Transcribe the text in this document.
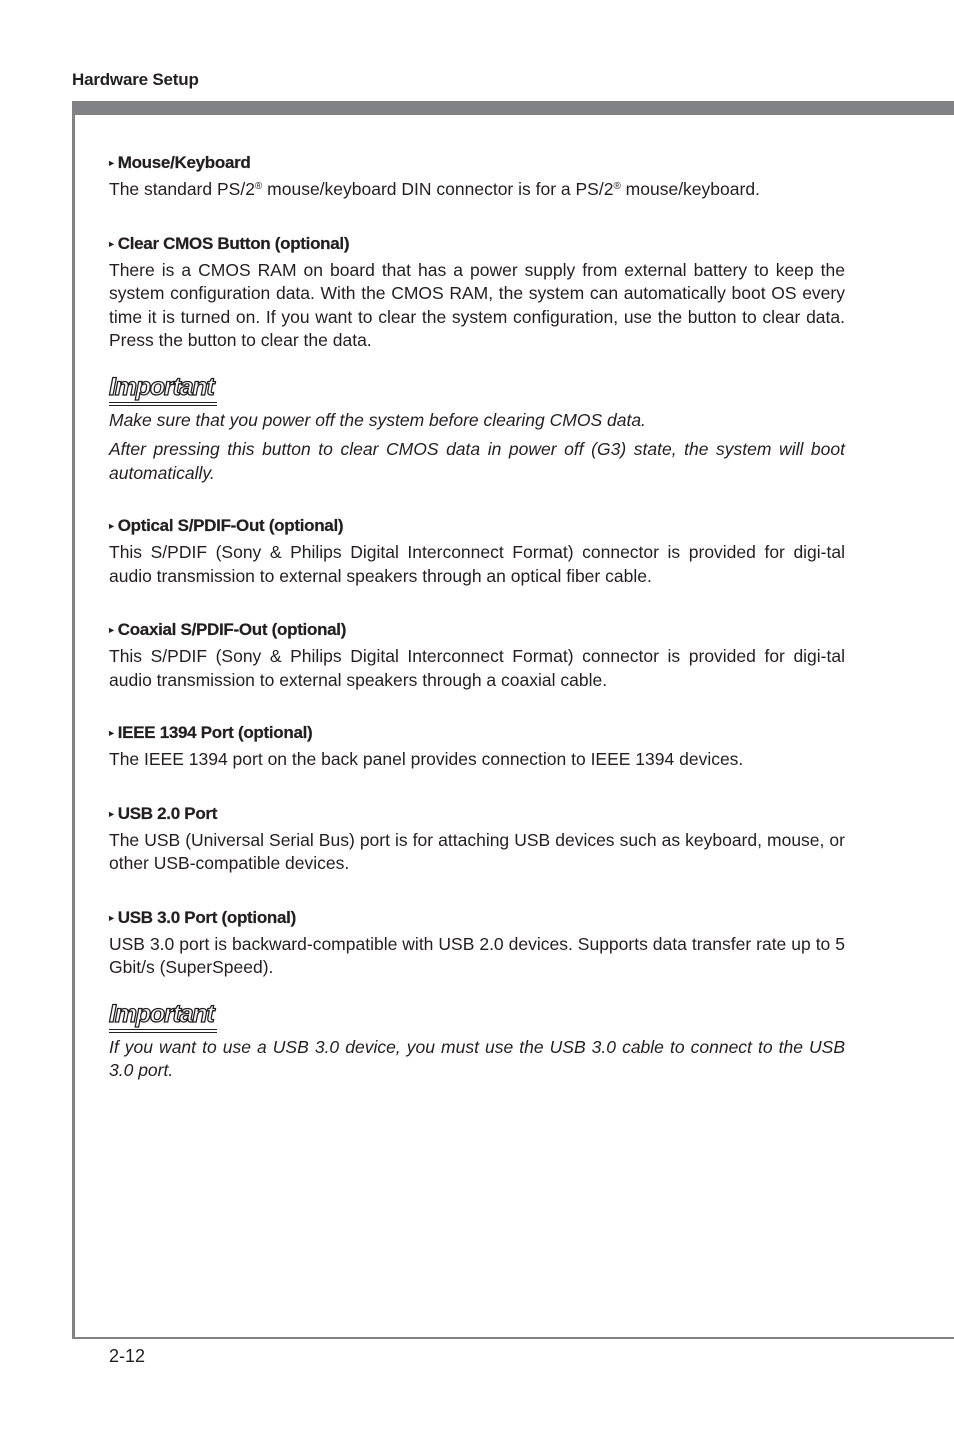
Hardware Setup
▸ Mouse/Keyboard

The standard PS/2® mouse/keyboard DIN connector is for a PS/2® mouse/keyboard.

▸ Clear CMOS Button (optional)

There is a CMOS RAM on board that has a power supply from external battery to keep the system configuration data. With the CMOS RAM, the system can automatically boot OS every time it is turned on. If you want to clear the system configuration, use the button to clear data. Press the button to clear the data.

Important

Make sure that you power off the system before clearing CMOS data.

After pressing this button to clear CMOS data in power off (G3) state, the system will boot automatically.

▸ Optical S/PDIF-Out (optional)

This S/PDIF (Sony & Philips Digital Interconnect Format) connector is provided for digi-tal audio transmission to external speakers through an optical fiber cable.

▸ Coaxial S/PDIF-Out (optional)

This S/PDIF (Sony & Philips Digital Interconnect Format) connector is provided for digi-tal audio transmission to external speakers through a coaxial cable.

▸ IEEE 1394 Port (optional)

The IEEE 1394 port on the back panel provides connection to IEEE 1394 devices.

▸ USB 2.0 Port

The USB (Universal Serial Bus) port is for attaching USB devices such as keyboard, mouse, or other USB-compatible devices.

▸ USB 3.0 Port (optional)

USB 3.0 port is backward-compatible with USB 2.0 devices. Supports data transfer rate up to 5 Gbit/s (SuperSpeed).

Important

If you want to use a USB 3.0 device, you must use the USB 3.0 cable to connect to the USB 3.0 port.

2-12
